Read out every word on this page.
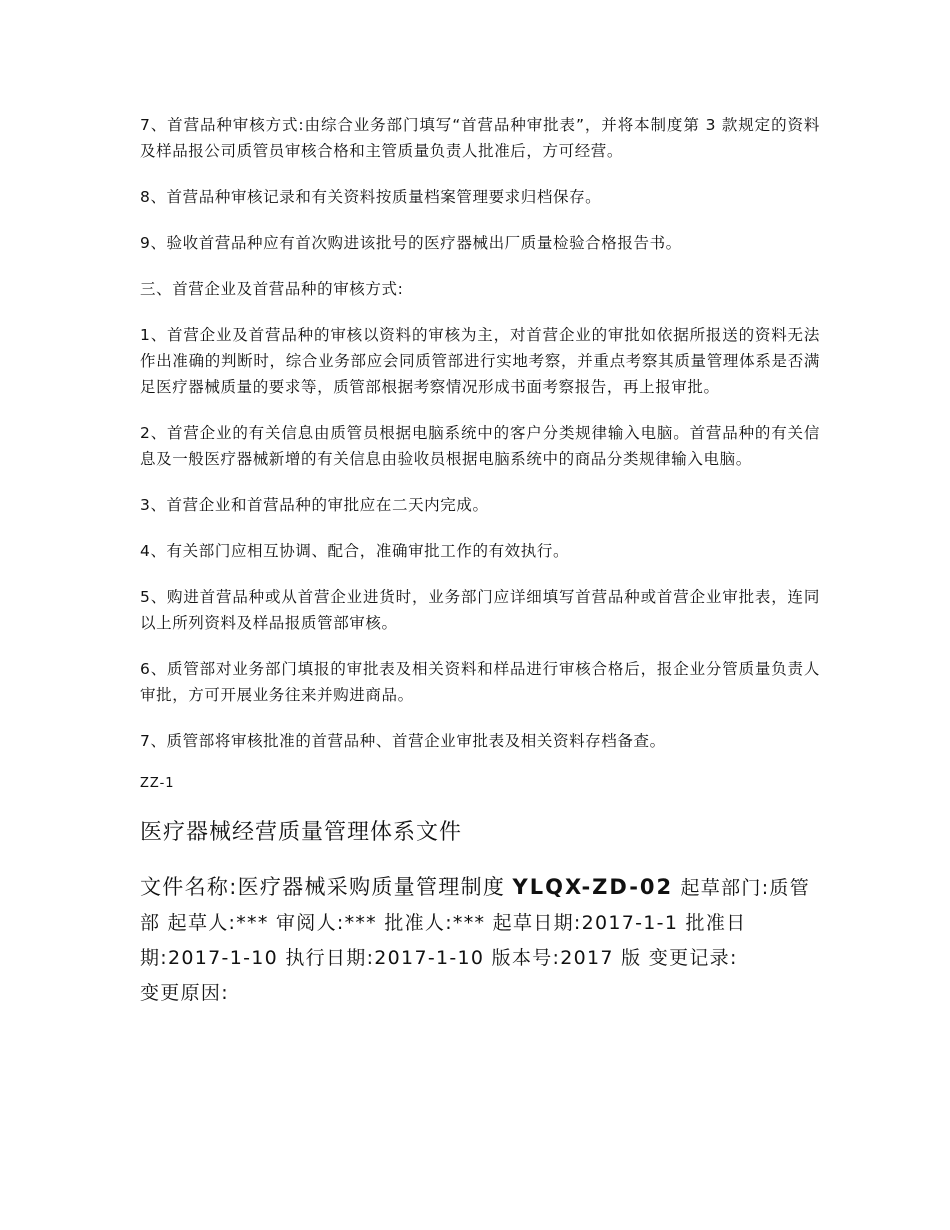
7、首营品种审核方式:由综合业务部门填写“首营品种审批表”，并将本制度第 3 款规定的资料及样品报公司质管员审核合格和主管质量负责人批准后，方可经营。

8、首营品种审核记录和有关资料按质量档案管理要求归档保存。

9、验收首营品种应有首次购进该批号的医疗器械出厂质量检验合格报告书。

三、首营企业及首营品种的审核方式:

1、首营企业及首营品种的审核以资料的审核为主，对首营企业的审批如依据所报送的资料无法作出准确的判断时，综合业务部应会同质管部进行实地考察，并重点考察其质量管理体系是否满足医疗器械质量的要求等，质管部根据考察情况形成书面考察报告，再上报审批。

2、首营企业的有关信息由质管员根据电脑系统中的客户分类规律输入电脑。首营品种的有关信息及一般医疗器械新增的有关信息由验收员根据电脑系统中的商品分类规律输入电脑。

3、首营企业和首营品种的审批应在二天内完成。

4、有关部门应相互协调、配合，准确审批工作的有效执行。

5、购进首营品种或从首营企业进货时，业务部门应详细填写首营品种或首营企业审批表，连同以上所列资料及样品报质管部审核。

6、质管部对业务部门填报的审批表及相关资料和样品进行审核合格后，报企业分管质量负责人审批，方可开展业务往来并购进商品。

7、质管部将审核批准的首营品种、首营企业审批表及相关资料存档备查。

ZZ-1
医疗器械经营质量管理体系文件

文件名称:医疗器械采购质量管理制度 YLQX-ZD-02 起草部门:质管部 起草人:*** 审阅人:*** 批准人:*** 起草日期:2017-1-1 批准日期:2017-1-10 执行日期:2017-1-10 版本号:2017 版 变更记录:
变更原因:
